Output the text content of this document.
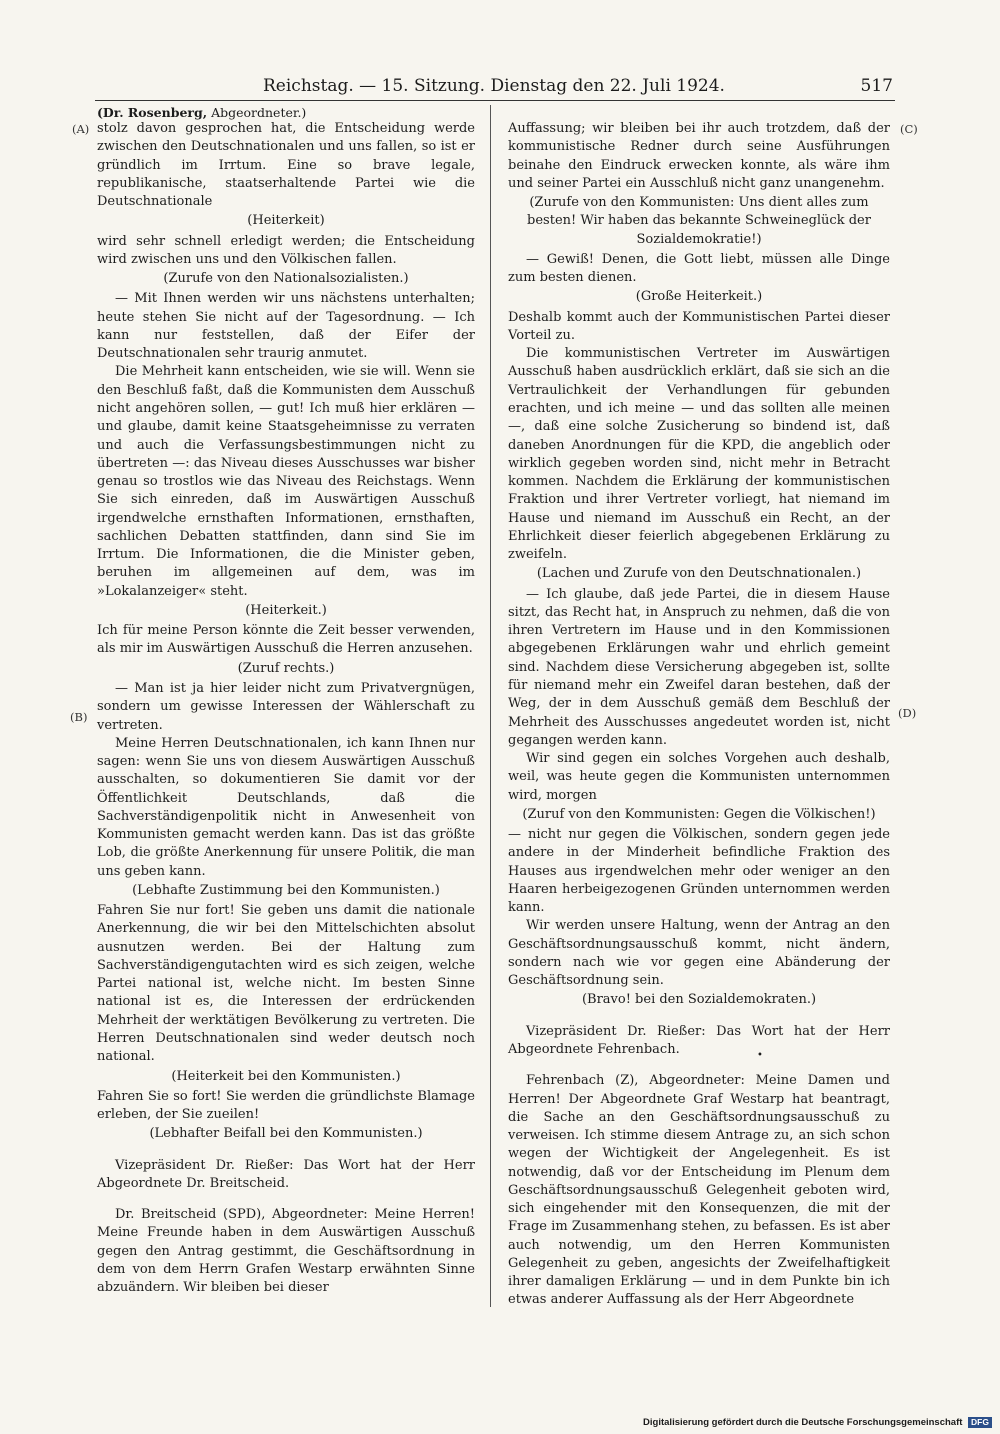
Reichstag. — 15. Sitzung. Dienstag den 22. Juli 1924.	517
(Dr. Rosenberg, Abgeordneter.)
(A)
(B)
(C)
(D)

stolz davon gesprochen hat, die Entscheidung werde zwischen den Deutschnationalen und uns fallen, so ist er gründlich im Irrtum. Eine so brave legale, republikanische, staatserhaltende Partei wie die Deutschnationale

(Heiterkeit)

wird sehr schnell erledigt werden; die Entscheidung wird zwischen uns und den Völkischen fallen.

(Zurufe von den Nationalsozialisten.)

— Mit Ihnen werden wir uns nächstens unterhalten; heute stehen Sie nicht auf der Tagesordnung. — Ich kann nur feststellen, daß der Eifer der Deutschnationalen sehr traurig anmutet.

Die Mehrheit kann entscheiden, wie sie will. Wenn sie den Beschluß faßt, daß die Kommunisten dem Ausschuß nicht angehören sollen, — gut! Ich muß hier erklären — und glaube, damit keine Staatsgeheimnisse zu verraten und auch die Verfassungsbestimmungen nicht zu übertreten —: das Niveau dieses Ausschusses war bisher genau so trostlos wie das Niveau des Reichstags. Wenn Sie sich einreden, daß im Auswärtigen Ausschuß irgendwelche ernsthaften Informationen, ernsthaften, sachlichen Debatten stattfinden, dann sind Sie im Irrtum. Die Informationen, die die Minister geben, beruhen im allgemeinen auf dem, was im »Lokalanzeiger« steht.

(Heiterkeit.)

Ich für meine Person könnte die Zeit besser verwenden, als mir im Auswärtigen Ausschuß die Herren anzusehen.

(Zuruf rechts.)

— Man ist ja hier leider nicht zum Privatvergnügen, sondern um gewisse Interessen der Wählerschaft zu vertreten.

Meine Herren Deutschnationalen, ich kann Ihnen nur sagen: wenn Sie uns von diesem Auswärtigen Ausschuß ausschalten, so dokumentieren Sie damit vor der Öffentlichkeit Deutschlands, daß die Sachverständigenpolitik nicht in Anwesenheit von Kommunisten gemacht werden kann. Das ist das größte Lob, die größte Anerkennung für unsere Politik, die man uns geben kann.

(Lebhafte Zustimmung bei den Kommunisten.)

Fahren Sie nur fort! Sie geben uns damit die nationale Anerkennung, die wir bei den Mittelschichten absolut ausnutzen werden. Bei der Haltung zum Sachverständigengutachten wird es sich zeigen, welche Partei national ist, welche nicht. Im besten Sinne national ist es, die Interessen der erdrückenden Mehrheit der werktätigen Bevölkerung zu vertreten. Die Herren Deutschnationalen sind weder deutsch noch national.

(Heiterkeit bei den Kommunisten.)

Fahren Sie so fort! Sie werden die gründlichste Blamage erleben, der Sie zueilen!

(Lebhafter Beifall bei den Kommunisten.)

Vizepräsident Dr. Rießer: Das Wort hat der Herr Abgeordnete Dr. Breitscheid.

Dr. Breitscheid (SPD), Abgeordneter: Meine Herren! Meine Freunde haben in dem Auswärtigen Ausschuß gegen den Antrag gestimmt, die Geschäftsordnung in dem von dem Herrn Grafen Westarp erwähnten Sinne abzuändern. Wir bleiben bei dieser

Auffassung; wir bleiben bei ihr auch trotzdem, daß der kommunistische Redner durch seine Ausführungen beinahe den Eindruck erwecken konnte, als wäre ihm und seiner Partei ein Ausschluß nicht ganz unangenehm.

(Zurufe von den Kommunisten: Uns dient alles zum besten! Wir haben das bekannte Schweineglück der Sozialdemokratie!)

— Gewiß! Denen, die Gott liebt, müssen alle Dinge zum besten dienen.

(Große Heiterkeit.)

Deshalb kommt auch der Kommunistischen Partei dieser Vorteil zu.

Die kommunistischen Vertreter im Auswärtigen Ausschuß haben ausdrücklich erklärt, daß sie sich an die Vertraulichkeit der Verhandlungen für gebunden erachten, und ich meine — und das sollten alle meinen —, daß eine solche Zusicherung so bindend ist, daß daneben Anordnungen für die KPD, die angeblich oder wirklich gegeben worden sind, nicht mehr in Betracht kommen. Nachdem die Erklärung der kommunistischen Fraktion und ihrer Vertreter vorliegt, hat niemand im Hause und niemand im Ausschuß ein Recht, an der Ehrlichkeit dieser feierlich abgegebenen Erklärung zu zweifeln.

(Lachen und Zurufe von den Deutschnationalen.)

— Ich glaube, daß jede Partei, die in diesem Hause sitzt, das Recht hat, in Anspruch zu nehmen, daß die von ihren Vertretern im Hause und in den Kommissionen abgegebenen Erklärungen wahr und ehrlich gemeint sind. Nachdem diese Versicherung abgegeben ist, sollte für niemand mehr ein Zweifel daran bestehen, daß der Weg, der in dem Ausschuß gemäß dem Beschluß der Mehrheit des Ausschusses angedeutet worden ist, nicht gegangen werden kann.

Wir sind gegen ein solches Vorgehen auch deshalb, weil, was heute gegen die Kommunisten unternommen wird, morgen

(Zuruf von den Kommunisten: Gegen die Völkischen!)

— nicht nur gegen die Völkischen, sondern gegen jede andere in der Minderheit befindliche Fraktion des Hauses aus irgendwelchen mehr oder weniger an den Haaren herbeigezogenen Gründen unternommen werden kann.

Wir werden unsere Haltung, wenn der Antrag an den Geschäftsordnungsausschuß kommt, nicht ändern, sondern nach wie vor gegen eine Abänderung der Geschäftsordnung sein.

(Bravo! bei den Sozialdemokraten.)

Vizepräsident Dr. Rießer: Das Wort hat der Herr Abgeordnete Fehrenbach.

Fehrenbach (Z), Abgeordneter: Meine Damen und Herren! Der Abgeordnete Graf Westarp hat beantragt, die Sache an den Geschäftsordnungsausschuß zu verweisen. Ich stimme diesem Antrage zu, an sich schon wegen der Wichtigkeit der Angelegenheit. Es ist notwendig, daß vor der Entscheidung im Plenum dem Geschäftsordnungsausschuß Gelegenheit geboten wird, sich eingehender mit den Konsequenzen, die mit der Frage im Zusammenhang stehen, zu befassen. Es ist aber auch notwendig, um den Herren Kommunisten Gelegenheit zu geben, angesichts der Zweifelhaftigkeit ihrer damaligen Erklärung — und in dem Punkte bin ich etwas anderer Auffassung als der Herr Abgeordnete

•
Digitalisierung gefördert durch die Deutsche Forschungsgemeinschaft DFG
